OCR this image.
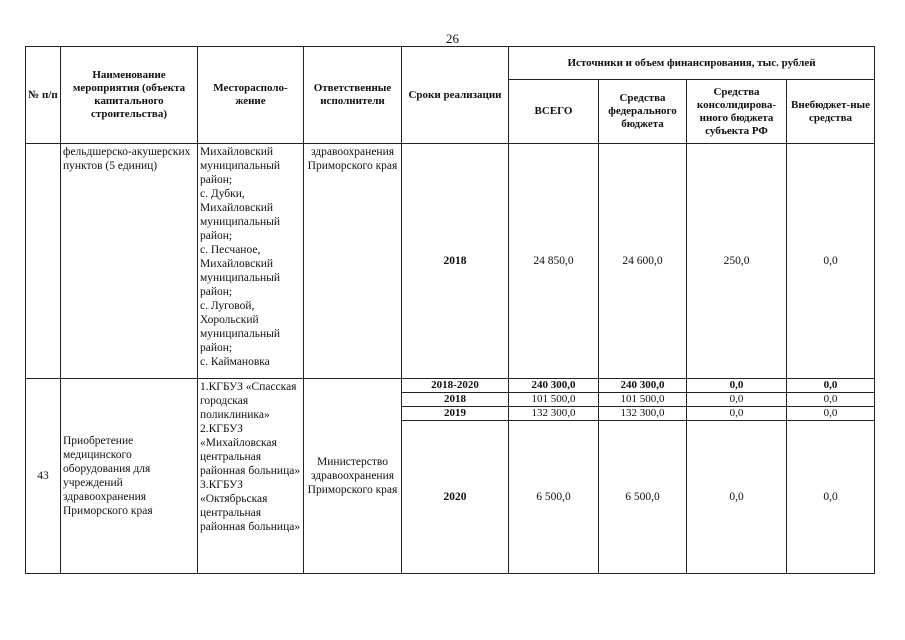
26
№ п/п	Наименование мероприятия (объекта капитального строительства)	Месторасполо-жение	Ответственные исполнители	Сроки реализации	Источники и объем финансирования, тыс. рублей			
					ВСЕГО	Средства федерального бюджета	Средства консолидирова-нного бюджета субъекта РФ	Внебюджет-ные средства
	фельдшерско-акушерских пунктов (5 единиц)	Михайловский муниципальный район;
с. Дубки, Михайловский муниципальный район;
с. Песчаное, Михайловский муниципальный район;
с. Луговой, Хорольский муниципальный район;
с. Каймановка	здравоохранения Приморского края	2018	24 850,0	24 600,0	250,0	0,0
43	Приобретение медицинского оборудования для учреждений здравоохранения Приморского края	1.КГБУЗ «Спасская городская поликлиника»
2.КГБУЗ «Михайловская центральная районная больница»
3.КГБУЗ «Октябрьская центральная районная больница»	Министерство здравоохранения Приморского края	2018-2020	240 300,0	240 300,0	0,0	0,0
				2018	101 500,0	101 500,0	0,0	0,0
				2019	132 300,0	132 300,0	0,0	0,0
				2020	6 500,0	6 500,0	0,0	0,0
